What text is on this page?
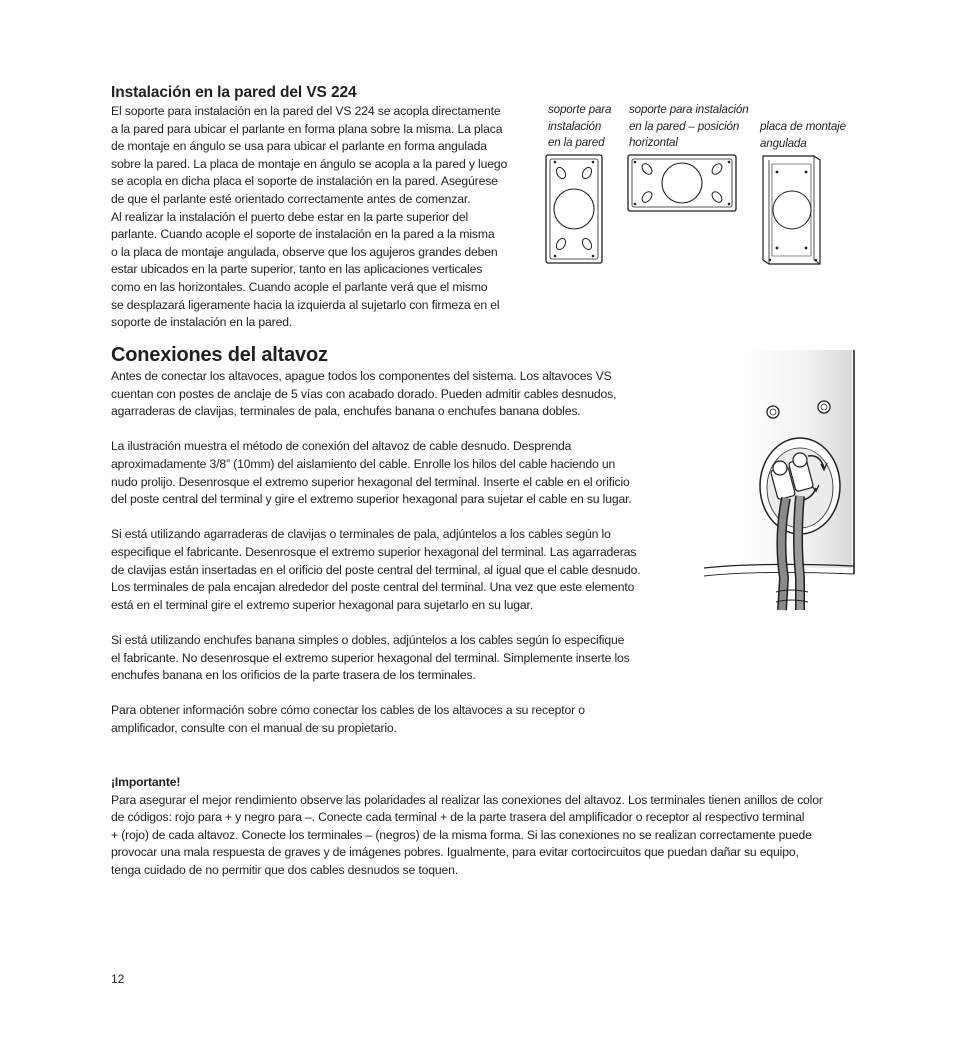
Instalación en la pared del VS 224
El soporte para instalación en la pared del VS 224 se acopla directamente
a la pared para ubicar el parlante en forma plana sobre la misma. La placa
de montaje en ángulo se usa para ubicar el parlante en forma angulada
sobre la pared. La placa de montaje en ángulo se acopla a la pared y luego
se acopla en dicha placa el soporte de instalación en la pared. Asegúrese
de que el parlante esté orientado correctamente antes de comenzar.
Al realizar la instalación el puerto debe estar en la parte superior del
parlante. Cuando acople el soporte de instalación en la pared a la misma
o la placa de montaje angulada, observe que los agujeros grandes deben
estar ubicados en la parte superior, tanto en las aplicaciones verticales
como en las horizontales. Cuando acople el parlante verá que el mismo
se desplazará ligeramente hacia la izquierda al sujetarlo con firmeza en el
soporte de instalación en la pared.
soporte para
instalación
en la pared
soporte para instalación
en la pared – posición
horizontal
placa de montaje
angulada
Conexiones del altavoz
Antes de conectar los altavoces, apague todos los componentes del sistema. Los altavoces VS
cuentan con postes de anclaje de 5 vías con acabado dorado. Pueden admitir cables desnudos,
agarraderas de clavijas, terminales de pala, enchufes banana o enchufes banana dobles.
La ilustración muestra el método de conexión del altavoz de cable desnudo. Desprenda
aproximadamente 3/8” (10mm) del aislamiento del cable. Enrolle los hilos del cable haciendo un
nudo prolijo. Desenrosque el extremo superior hexagonal del terminal. Inserte el cable en el orificio
del poste central del terminal y gire el extremo superior hexagonal para sujetar el cable en su lugar.
Si está utilizando agarraderas de clavijas o terminales de pala, adjúntelos a los cables según lo
especifique el fabricante. Desenrosque el extremo superior hexagonal del terminal. Las agarraderas
de clavijas están insertadas en el orificio del poste central del terminal, al igual que el cable desnudo.
Los terminales de pala encajan alrededor del poste central del terminal. Una vez que este elemento
está en el terminal gire el extremo superior hexagonal para sujetarlo en su lugar.
Si está utilizando enchufes banana simples o dobles, adjúntelos a los cables según lo especifique
el fabricante. No desenrosque el extremo superior hexagonal del terminal. Simplemente inserte los
enchufes banana en los orificios de la parte trasera de los terminales.
Para obtener información sobre cómo conectar los cables de los altavoces a su receptor o
amplificador, consulte con el manual de su propietario.
¡Importante!
Para asegurar el mejor rendimiento observe las polaridades al realizar las conexiones del altavoz. Los terminales tienen anillos de color
de códigos: rojo para + y negro para –. Conecte cada terminal + de la parte trasera del amplificador o receptor al respectivo terminal
+ (rojo) de cada altavoz. Conecte los terminales – (negros) de la misma forma. Si las conexiones no se realizan correctamente puede
provocar una mala respuesta de graves y de imágenes pobres. Igualmente, para evitar cortocircuitos que puedan dañar su equipo,
tenga cuidado de no permitir que dos cables desnudos se toquen.
12
